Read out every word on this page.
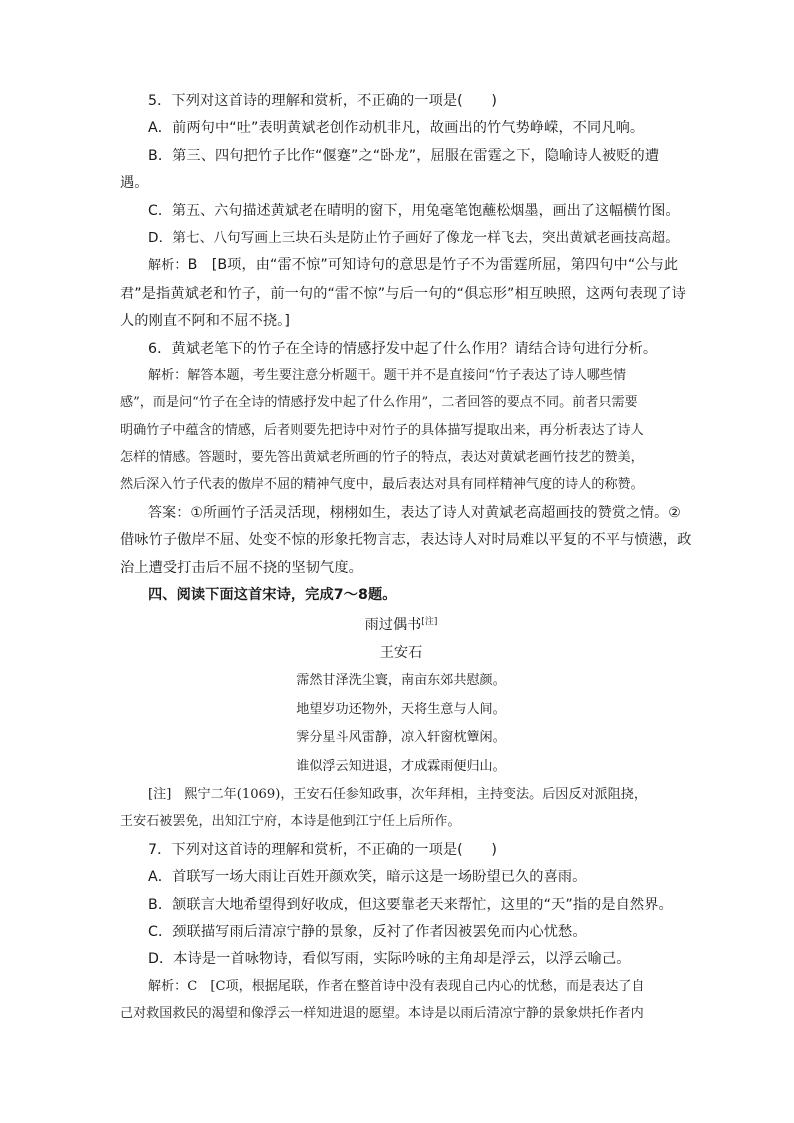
5．下列对这首诗的理解和赏析，不正确的一项是(　　)

A．前两句中“吐”表明黄斌老创作动机非凡，故画出的竹气势峥嵘，不同凡响。

B．第三、四句把竹子比作“偃蹇”之“卧龙”，屈服在雷霆之下，隐喻诗人被贬的遭

遇。

C．第五、六句描述黄斌老在晴明的窗下，用兔毫笔饱蘸松烟墨，画出了这幅横竹图。

D．第七、八句写画上三块石头是防止竹子画好了像龙一样飞去，突出黄斌老画技高超。

解析：B　[B项，由“雷不惊”可知诗句的意思是竹子不为雷霆所屈，第四句中“公与此

君”是指黄斌老和竹子，前一句的“雷不惊”与后一句的“俱忘形”相互映照，这两句表现了诗

人的刚直不阿和不屈不挠。]

6．黄斌老笔下的竹子在全诗的情感抒发中起了什么作用？请结合诗句进行分析。

解析：解答本题，考生要注意分析题干。题干并不是直接问“竹子表达了诗人哪些情

感”，而是问“竹子在全诗的情感抒发中起了什么作用”，二者回答的要点不同。前者只需要

明确竹子中蕴含的情感，后者则要先把诗中对竹子的具体描写提取出来，再分析表达了诗人

怎样的情感。答题时，要先答出黄斌老所画的竹子的特点，表达对黄斌老画竹技艺的赞美，

然后深入竹子代表的傲岸不屈的精神气度中，最后表达对具有同样精神气度的诗人的称赞。

答案：①所画竹子活灵活现，栩栩如生，表达了诗人对黄斌老高超画技的赞赏之情。②

借咏竹子傲岸不屈、处变不惊的形象托物言志，表达诗人对时局难以平复的不平与愤懑，政

治上遭受打击后不屈不挠的坚韧气度。

四、阅读下面这首宋诗，完成7～8题。

雨过偶书[注]

王安石

霈然甘泽洗尘寰，南亩东郊共慰颜。

地望岁功还物外，天将生意与人间。

霁分星斗风雷静，凉入轩窗枕簟闲。

谁似浮云知进退，才成霖雨便归山。

[注]  熙宁二年(1069)，王安石任参知政事，次年拜相，主持变法。后因反对派阻挠，

王安石被罢免，出知江宁府，本诗是他到江宁任上后所作。

7．下列对这首诗的理解和赏析，不正确的一项是(　　)

A．首联写一场大雨让百姓开颜欢笑，暗示这是一场盼望已久的喜雨。

B．颔联言大地希望得到好收成，但这要靠老天来帮忙，这里的“天”指的是自然界。

C．颈联描写雨后清凉宁静的景象，反衬了作者因被罢免而内心忧愁。

D．本诗是一首咏物诗，看似写雨，实际吟咏的主角却是浮云，以浮云喻己。

解析：C　[C项，根据尾联，作者在整首诗中没有表现自己内心的忧愁，而是表达了自

己对救国救民的渴望和像浮云一样知进退的愿望。本诗是以雨后清凉宁静的景象烘托作者内
